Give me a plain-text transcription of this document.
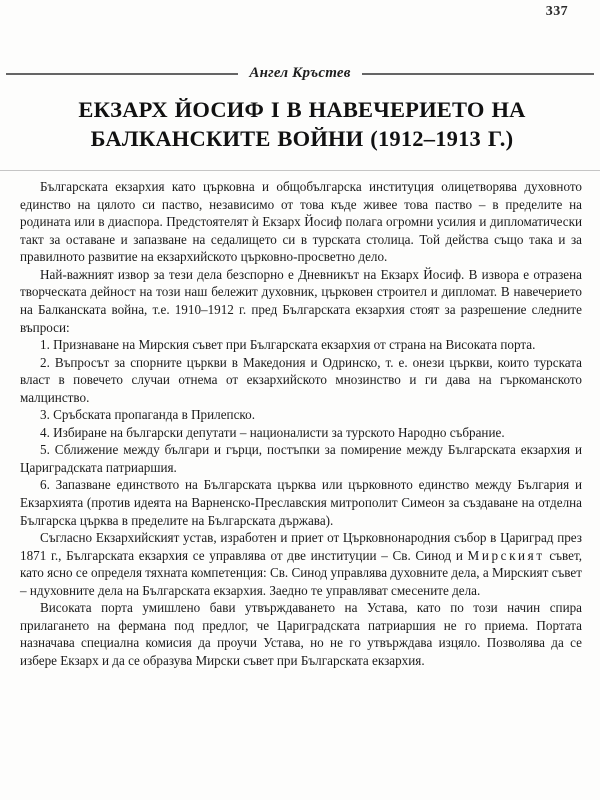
337
Ангел Кръстев
ЕКЗАРХ ЙОСИФ I В НАВЕЧЕРИЕТО НА
БАЛКАНСКИТЕ ВОЙНИ (1912–1913 Г.)

Българската екзархия като църковна и общобългарска институция олицетворява духовното единство на цялото си паство, независимо от това къде живее това паство – в пределите на родината или в диаспора. Предстоятелят ѝ Екзарх Йосиф полага огромни усилия и дипломатически такт за оставане и запазване на седалището си в турската столица. Той действа също така и за правилното развитие на екзархийското църковно-просветно дело.

Най-важният извор за тези дела безспорно е Дневникът на Екзарх Йосиф. В извора е отразена творческата дейност на този наш бележит духовник, църковен строител и дипломат. В навечерието на Балканската война, т.е. 1910–1912 г. пред Българската екзархия стоят за разрешение следните въпроси:

1. Признаване на Мирския съвет при Българската екзархия от страна на Високата порта.

2. Въпросът за спорните църкви в Македония и Одринско, т. е. онези църкви, които турската власт в повечето случаи отнема от екзархийското мнозинство и ги дава на гъркоманското малцинство.

3. Сръбската пропаганда в Прилепско.

4. Избиране на български депутати – националисти за турското Народно събрание.

5. Сближение между българи и гърци, постъпки за помирение между Българската екзархия и Цариградската патриаршия.

6. Запазване единството на Българската църква или църковното единство между България и Екзархията (против идеята на Варненско-Преславския митрополит Симеон за създаване на отделна Българска църква в пределите на Българската държава).

Съгласно Екзархийският устав, изработен и приет от Църковнонародния събор в Цариград през 1871 г., Българската екзархия се управлява от две институции – Св. Синод и Мирският съвет, като ясно се определя тяхната компетенция: Св. Синод управлява духовните дела, а Мирският съвет – ндуховните дела на Българската екзархия. Заедно те управляват смесените дела.

Високата порта умишлено бави утвърждаването на Устава, като по този начин спира прилагането на фермана под предлог, че Цариградската патриаршия не го приема. Портата назначава специална комисия да проучи Устава, но не го утвърждава изцяло. Позволява да се избере Екзарх и да се образува Мирски съвет при Българската екзархия.
